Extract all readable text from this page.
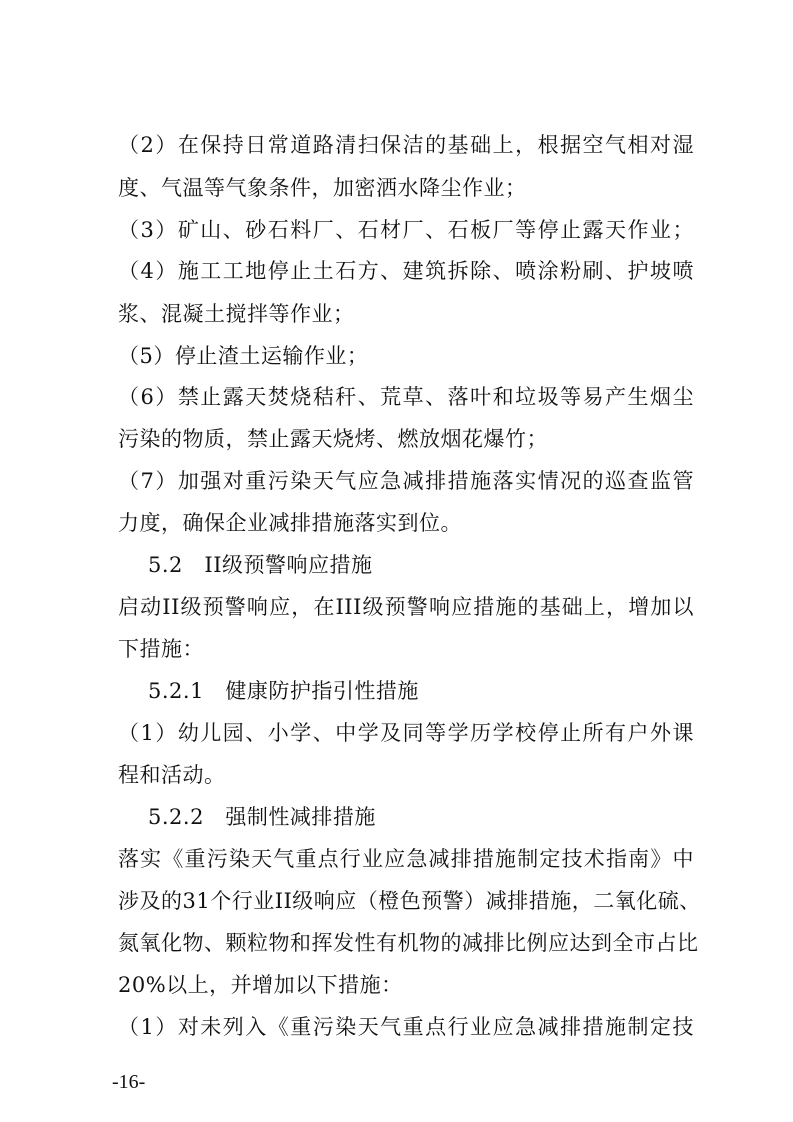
（2）在保持日常道路清扫保洁的基础上，根据空气相对湿
度、气温等气象条件，加密洒水降尘作业；
（3）矿山、砂石料厂、石材厂、石板厂等停止露天作业；
（4）施工工地停止土石方、建筑拆除、喷涂粉刷、护坡喷
浆、混凝土搅拌等作业；
（5）停止渣土运输作业；
（6）禁止露天焚烧秸秆、荒草、落叶和垃圾等易产生烟尘
污染的物质，禁止露天烧烤、燃放烟花爆竹；
（7）加强对重污染天气应急减排措施落实情况的巡查监管
力度，确保企业减排措施落实到位。
5.2　II级预警响应措施
启动II级预警响应，在III级预警响应措施的基础上，增加以
下措施：
5.2.1　健康防护指引性措施
（1）幼儿园、小学、中学及同等学历学校停止所有户外课
程和活动。
5.2.2　强制性减排措施
落实《重污染天气重点行业应急减排措施制定技术指南》中
涉及的31个行业II级响应（橙色预警）减排措施，二氧化硫、
氮氧化物、颗粒物和挥发性有机物的减排比例应达到全市占比
20%以上，并增加以下措施：
（1）对未列入《重污染天气重点行业应急减排措施制定技
-16-
